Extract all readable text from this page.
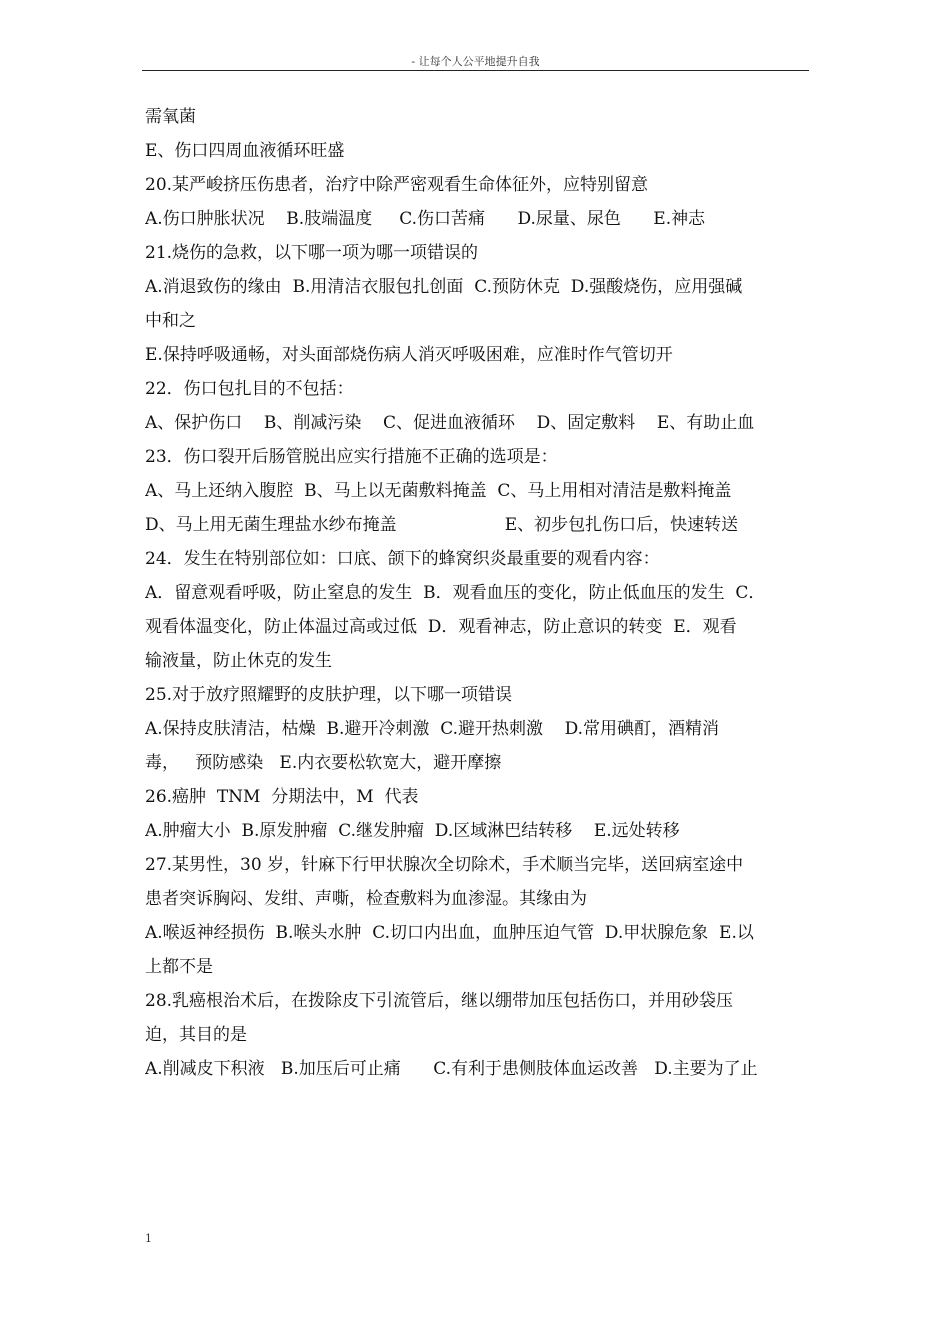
- 让每个人公平地提升自我
需氧菌
E、伤口四周血液循环旺盛
20.某严峻挤压伤患者，治疗中除严密观看生命体征外，应特别留意
A.伤口肿胀状况    B.肢端温度     C.伤口苦痛      D.尿量、尿色      E.神志
21.烧伤的急救，以下哪一项为哪一项错误的
A.消退致伤的缘由  B.用清洁衣服包扎创面  C.预防休克  D.强酸烧伤，应用强碱
中和之
E.保持呼吸通畅，对头面部烧伤病人消灭呼吸困难，应准时作气管切开
22．伤口包扎目的不包括：
A、保护伤口    B、削减污染    C、促进血液循环    D、固定敷料    E、有助止血
23．伤口裂开后肠管脱出应实行措施不正确的选项是：
A、马上还纳入腹腔  B、马上以无菌敷料掩盖  C、马上用相对清洁是敷料掩盖
D、马上用无菌生理盐水纱布掩盖                    E、初步包扎伤口后，快速转送
24．发生在特别部位如：口底、颌下的蜂窝织炎最重要的观看内容：
A．留意观看呼吸，防止窒息的发生  B．观看血压的变化，防止低血压的发生  C．
观看体温变化，防止体温过高或过低  D．观看神志，防止意识的转变  E．观看
输液量，防止休克的发生
25.对于放疗照耀野的皮肤护理，以下哪一项错误
A.保持皮肤清洁，枯燥  B.避开冷刺激  C.避开热刺激    D.常用碘酊，酒精消
毒，   预防感染   E.内衣要松软宽大，避开摩擦
26.癌肿  TNM  分期法中，M  代表
A.肿瘤大小  B.原发肿瘤  C.继发肿瘤  D.区域淋巴结转移    E.远处转移
27.某男性，30 岁，针麻下行甲状腺次全切除术，手术顺当完毕，送回病室途中
患者突诉胸闷、发绀、声嘶，检查敷料为血渗湿。其缘由为
A.喉返神经损伤  B.喉头水肿  C.切口内出血，血肿压迫气管  D.甲状腺危象  E.以
上都不是
28.乳癌根治术后，在拨除皮下引流管后，继以绷带加压包括伤口，并用砂袋压
迫，其目的是
A.削减皮下积液   B.加压后可止痛      C.有利于患侧肢体血运改善   D.主要为了止
1
